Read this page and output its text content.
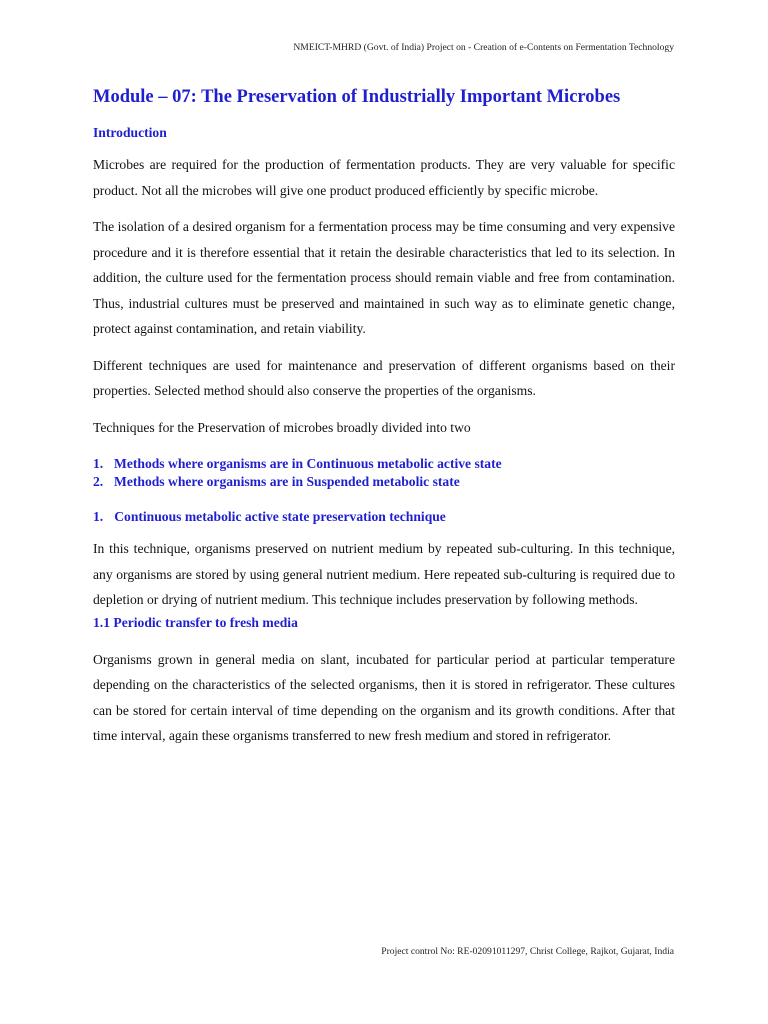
NMEICT-MHRD (Govt. of India) Project on - Creation of e-Contents on Fermentation Technology
Module – 07: The Preservation of Industrially Important Microbes
Introduction

Microbes are required for the production of fermentation products. They are very valuable for specific product. Not all the microbes will give one product produced efficiently by specific microbe.

The isolation of a desired organism for a fermentation process may be time consuming and very expensive procedure and it is therefore essential that it retain the desirable characteristics that led to its selection. In addition, the culture used for the fermentation process should remain viable and free from contamination. Thus, industrial cultures must be preserved and maintained in such way as to eliminate genetic change, protect against contamination, and retain viability.

Different techniques are used for maintenance and preservation of different organisms based on their properties. Selected method should also conserve the properties of the organisms.

Techniques for the Preservation of microbes broadly divided into two

1. Methods where organisms are in Continuous metabolic active state
2. Methods where organisms are in Suspended metabolic state
1. Continuous metabolic active state preservation technique

In this technique, organisms preserved on nutrient medium by repeated sub-culturing. In this technique, any organisms are stored by using general nutrient medium. Here repeated sub-culturing is required due to depletion or drying of nutrient medium. This technique includes preservation by following methods.

1.1 Periodic transfer to fresh media

Organisms grown in general media on slant, incubated for particular period at particular temperature depending on the characteristics of the selected organisms, then it is stored in refrigerator. These cultures can be stored for certain interval of time depending on the organism and its growth conditions. After that time interval, again these organisms transferred to new fresh medium and stored in refrigerator.

Project control No: RE-02091011297, Christ College, Rajkot, Gujarat, India
